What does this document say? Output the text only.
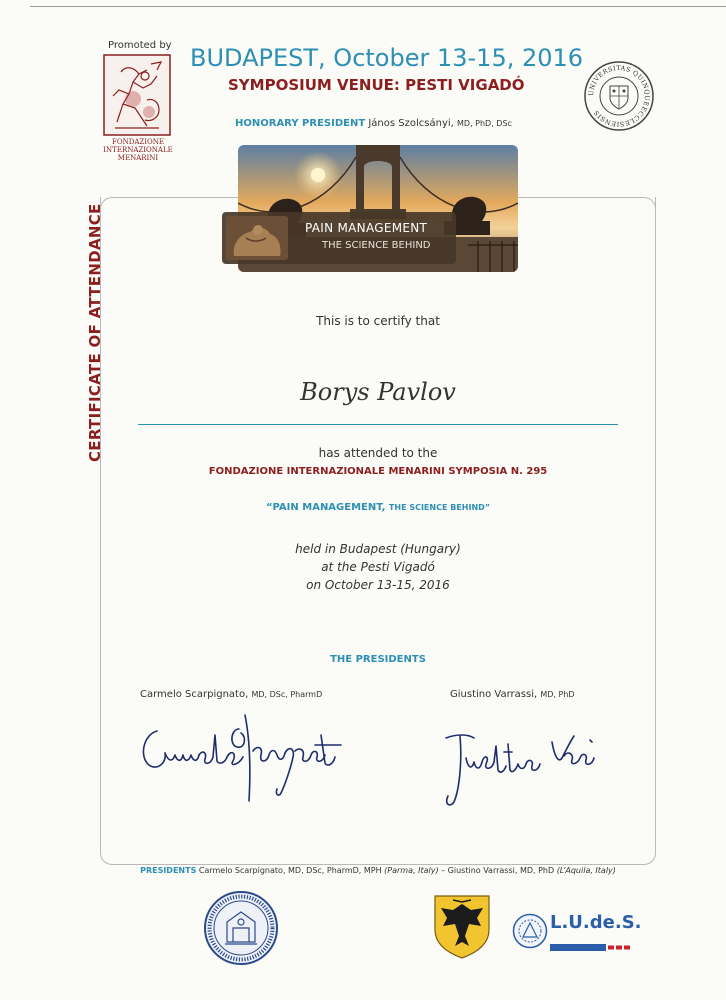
Promoted by
FONDAZIONE INTERNAZIONALE MENARINI
BUDAPEST, October 13-15, 2016
SYMPOSIUM VENUE: PESTI VIGADÓ
HONORARY PRESIDENT János Szolcsányi, MD, PhD, DSc
UNIVERSITAS QUINQUEECCLESIENSIS
CERTIFICATE OF ATTENDANCE	PAIN MANAGEMENT
THE SCIENCE BEHIND
This is to certify that
Borys Pavlov
has attended to the
FONDAZIONE INTERNAZIONALE MENARINI SYMPOSIA N. 295
“PAIN MANAGEMENT, THE SCIENCE BEHIND”
held in Budapest (Hungary)
at the Pesti Vigadó
on October 13-15, 2016
THE PRESIDENTS
Carmelo Scarpignato, MD, DSc, PharmD	Giustino Varrassi, MD, PhD
PRESIDENTS Carmelo Scarpignato, MD, DSc, PharmD, MPH (Parma, Italy) – Giustino Varrassi, MD, PhD (L’Aquila, Italy)
L.U.de.S.
